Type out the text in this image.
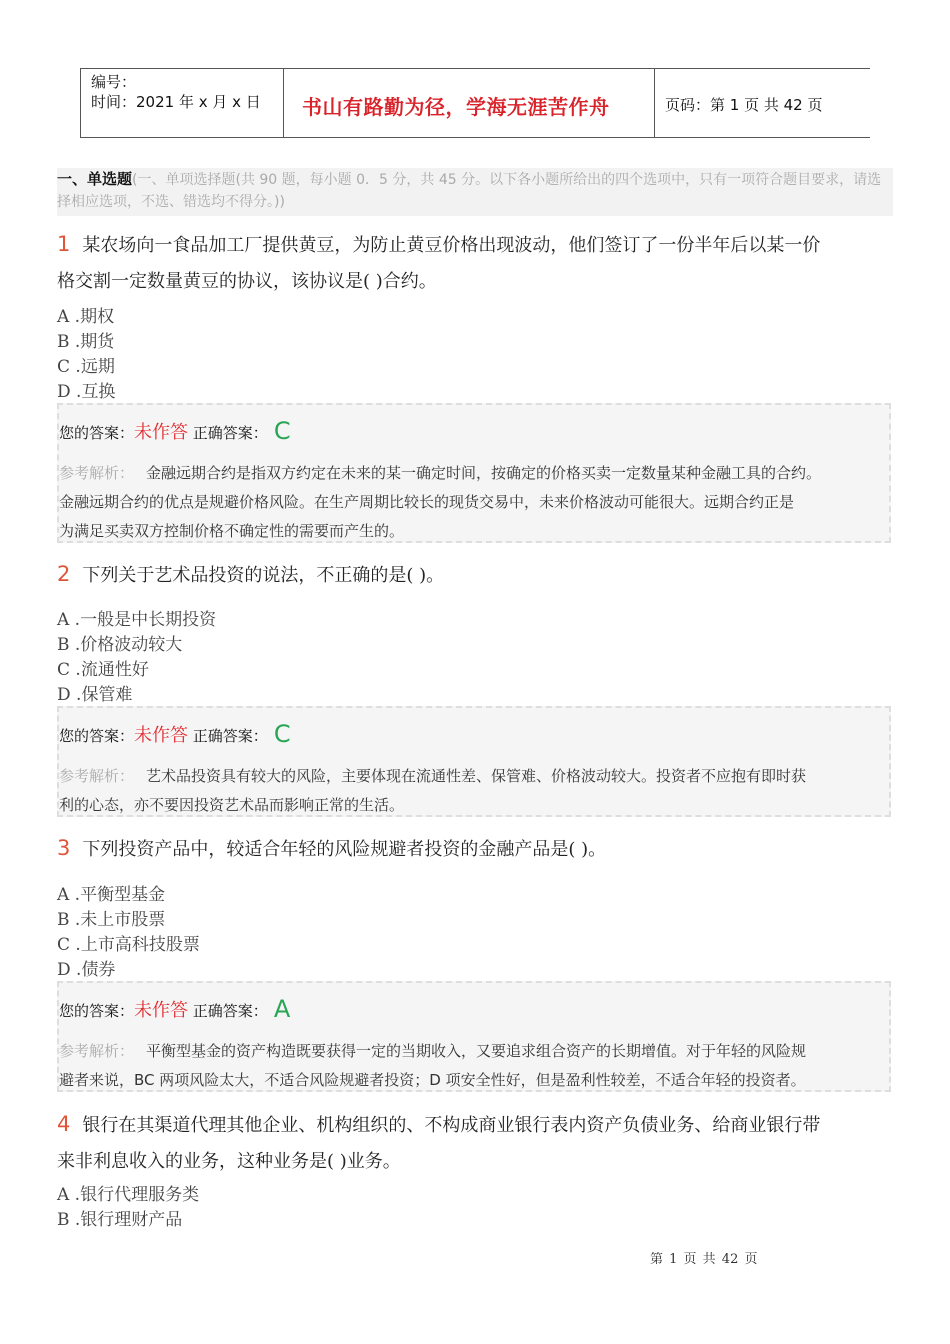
编号：
时间：2021 年 x 月 x 日 书山有路勤为径，学海无涯苦作舟	页码：第 1 页 共 42 页
一、单选题(一、单项选择题(共 90 题，每小题 0．5 分，共 45 分。以下各小题所给出的四个选项中，只有一项符合题目要求，请选择相应选项，不选、错选均不得分。))
1 某农场向一食品加工厂提供黄豆，为防止黄豆价格出现波动，他们签订了一份半年后以某一价
格交割一定数量黄豆的协议，该协议是( )合约。
A .期权
B .期货
C .远期
D .互换
您的答案：未作答 正确答案： C
参考解析： 金融远期合约是指双方约定在未来的某一确定时间，按确定的价格买卖一定数量某种金融工具的合约。
金融远期合约的优点是规避价格风险。在生产周期比较长的现货交易中，未来价格波动可能很大。远期合约正是
为满足买卖双方控制价格不确定性的需要而产生的。
2 下列关于艺术品投资的说法，不正确的是( )。
A .一般是中长期投资
B .价格波动较大
C .流通性好
D .保管难
您的答案：未作答 正确答案： C
参考解析： 艺术品投资具有较大的风险，主要体现在流通性差、保管难、价格波动较大。投资者不应抱有即时获
利的心态，亦不要因投资艺术品而影响正常的生活。
3 下列投资产品中，较适合年轻的风险规避者投资的金融产品是( )。
A .平衡型基金
B .未上市股票
C .上市高科技股票
D .债券
您的答案：未作答 正确答案： A
参考解析： 平衡型基金的资产构造既要获得一定的当期收入，又要追求组合资产的长期增值。对于年轻的风险规
避者来说，BC 两项风险太大，不适合风险规避者投资；D 项安全性好，但是盈利性较差，不适合年轻的投资者。
4 银行在其渠道代理其他企业、机构组织的、不构成商业银行表内资产负债业务、给商业银行带
来非利息收入的业务，这种业务是( )业务。
A .银行代理服务类
B .银行理财产品
第 1 页 共 42 页
